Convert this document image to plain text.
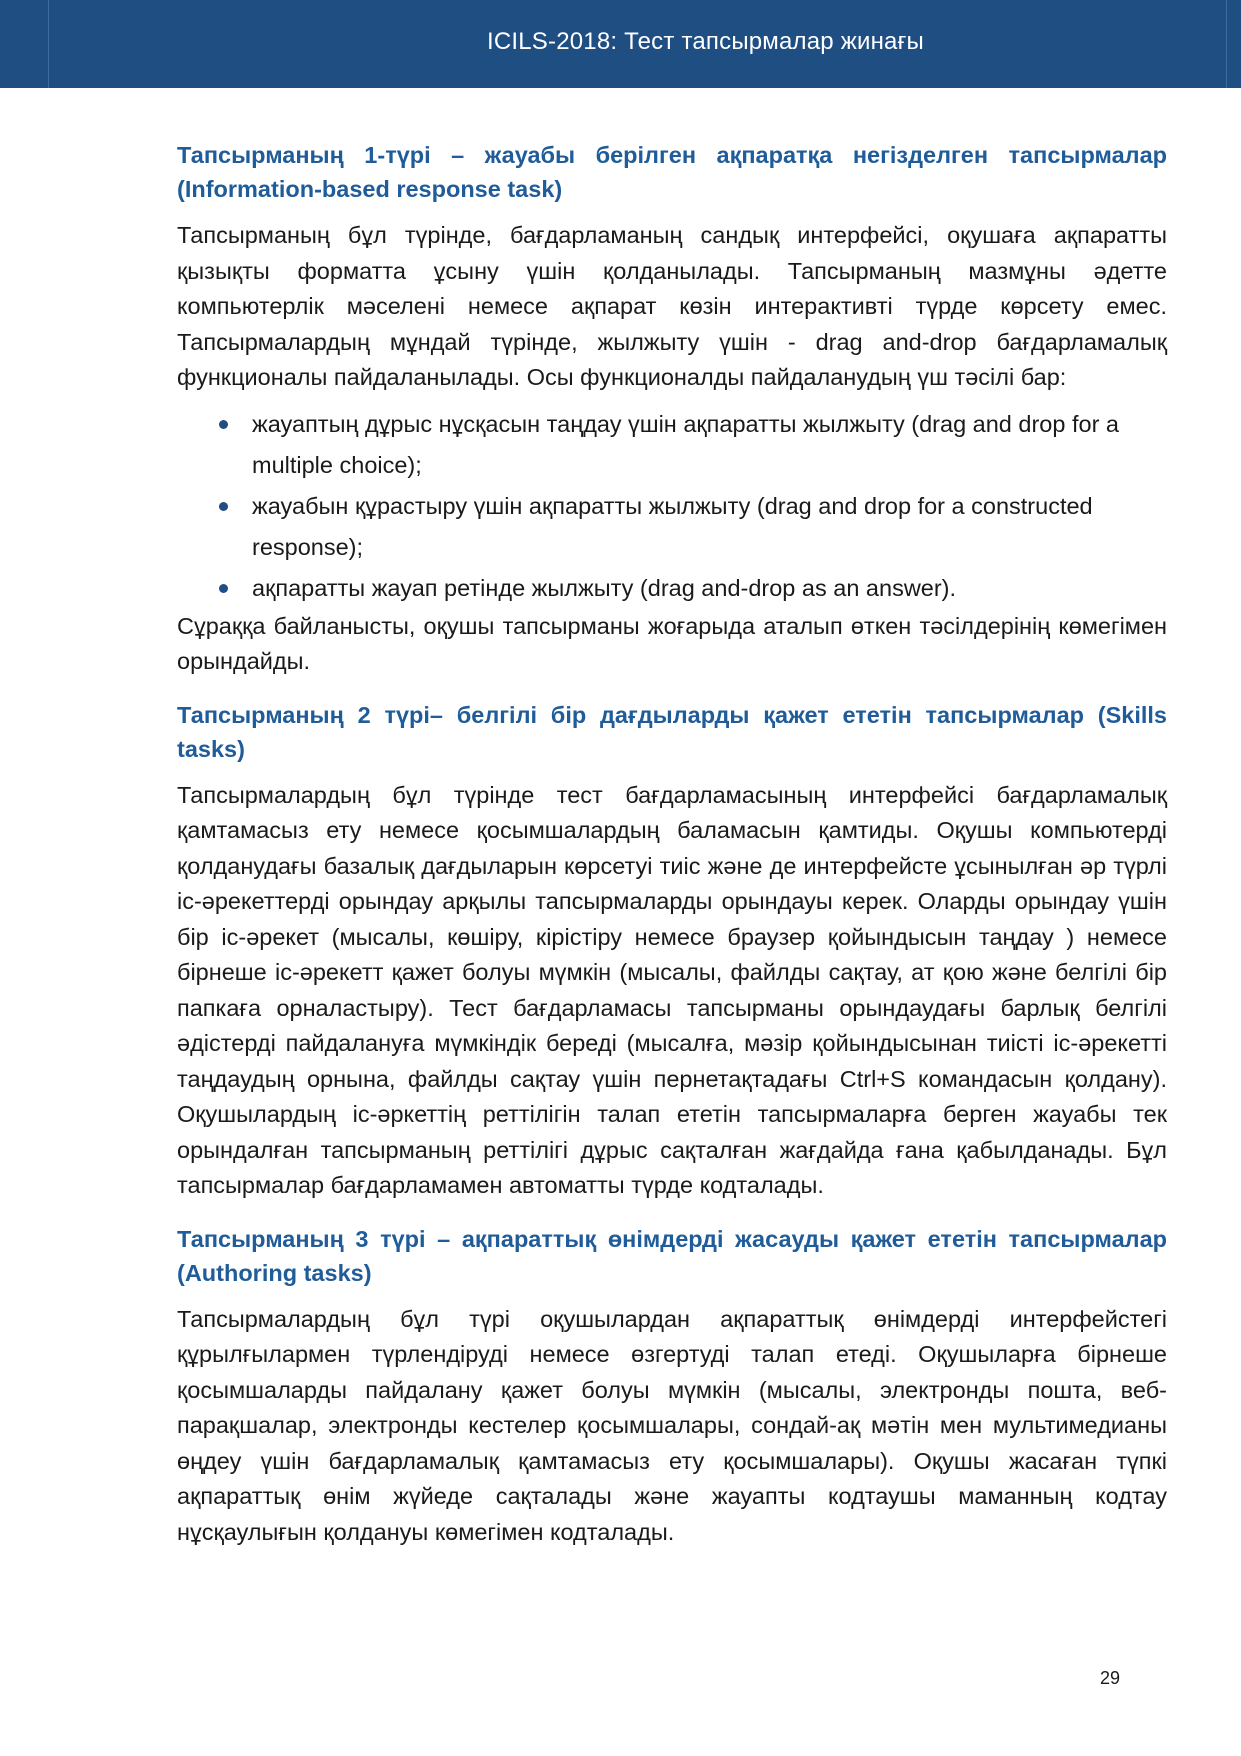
ICILS-2018: Тест тапсырмалар жинағы
Тапсырманың 1-түрі – жауабы берілген ақпаратқа негізделген тапсырмалар (Information-based response task)

Тапсырманың бұл түрінде, бағдарламаның сандық интерфейсі, оқушаға ақпаратты қызықты форматта ұсыну үшін қолданылады. Тапсырманың мазмұны әдетте компьютерлік мәселені немесе ақпарат көзін интерактивті түрде көрсету емес. Тапсырмалардың мұндай түрінде, жылжыту үшін - drag and-drop бағдарламалық функционалы пайдаланылады. Осы функционалды пайдаланудың үш тәсілі бар:

жауаптың дұрыс нұсқасын таңдау үшін ақпаратты жылжыту (drag and drop for a multiple choice);
жауабын құрастыру үшін ақпаратты жылжыту (drag and drop for a constructed response);
ақпаратты жауап ретінде жылжыту (drag and-drop as an answer).

Сұраққа байланысты, оқушы тапсырманы жоғарыда аталып өткен тәсілдерінің көмегімен орындайды.

Тапсырманың 2 түрі– белгілі бір дағдыларды қажет ететін тапсырмалар (Skills tasks)

Тапсырмалардың бұл түрінде тест бағдарламасының интерфейсі бағдарламалық қамтамасыз ету немесе қосымшалардың баламасын қамтиды. Оқушы компьютерді қолданудағы базалық дағдыларын көрсетуі тиіс және де интерфейсте ұсынылған әр түрлі іс-әрекеттерді орындау арқылы тапсырмаларды орындауы керек. Оларды орындау үшін бір іс-әрекет (мысалы, көшіру, кірістіру немесе браузер қойындысын таңдау ) немесе бірнеше іс-әрекетт қажет болуы мүмкін (мысалы, файлды сақтау, ат қою және белгілі бір папкаға орналастыру). Тест бағдарламасы тапсырманы орындаудағы барлық белгілі әдістерді пайдалануға мүмкіндік береді (мысалға, мәзір қойындысынан тиісті іс-әрекетті таңдаудың орнына, файлды сақтау үшін пернетақтадағы Ctrl+S командасын қолдану). Оқушылардың іс-әркеттің реттілігін талап ететін тапсырмаларға берген жауабы тек орындалған тапсырманың реттілігі дұрыс сақталған жағдайда ғана қабылданады. Бұл тапсырмалар бағдарламамен автоматты түрде кодталады.

Тапсырманың 3 түрі – ақпараттық өнімдерді жасауды қажет ететін тапсырмалар (Authoring tasks)

Тапсырмалардың бұл түрі оқушылардан ақпараттық өнімдерді интерфейстегі құрылғылармен түрлендіруді немесе өзгертуді талап етеді. Оқушыларға бірнеше қосымшаларды пайдалану қажет болуы мүмкін (мысалы, электронды пошта, веб-парақшалар, электронды кестелер қосымшалары, сондай-ақ мәтін мен мультимедианы өңдеу үшін бағдарламалық қамтамасыз ету қосымшалары). Оқушы жасаған түпкі ақпараттық өнім жүйеде сақталады және жауапты кодтаушы маманның кодтау нұсқаулығын қолдануы көмегімен кодталады.

29
